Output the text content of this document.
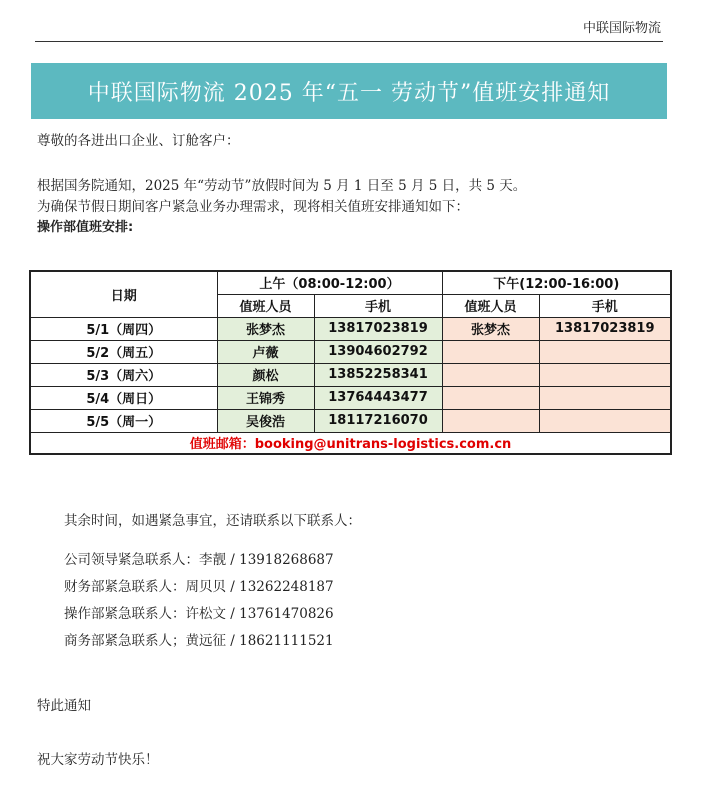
中联国际物流
中联国际物流 2025 年“五一 劳动节”值班安排通知
尊敬的各进出口企业、订舱客户：
根据国务院通知，2025 年“劳动节”放假时间为 5 月 1 日至 5 月 5 日，共 5 天。
为确保节假日期间客户紧急业务办理需求，现将相关值班安排通知如下：
操作部值班安排:
日期	上午（08:00-12:00）		下午(12:00-16:00)	
	值班人员	手机	值班人员	手机
5/1（周四）	张梦杰	13817023819	张梦杰	13817023819
5/2（周五）	卢薇	13904602792		
5/3（周六）	颜松	13852258341		
5/4（周日）	王锦秀	13764443477		
5/5（周一）	吴俊浩	18117216070		
值班邮箱：booking@unitrans-logistics.com.cn				
其余时间，如遇紧急事宜，还请联系以下联系人：
公司领导紧急联系人：李靓 / 13918268687
财务部紧急联系人：周贝贝 / 13262248187
操作部紧急联系人：许松文 / 13761470826
商务部紧急联系人；黄远征 / 18621111521
特此通知
祝大家劳动节快乐！
